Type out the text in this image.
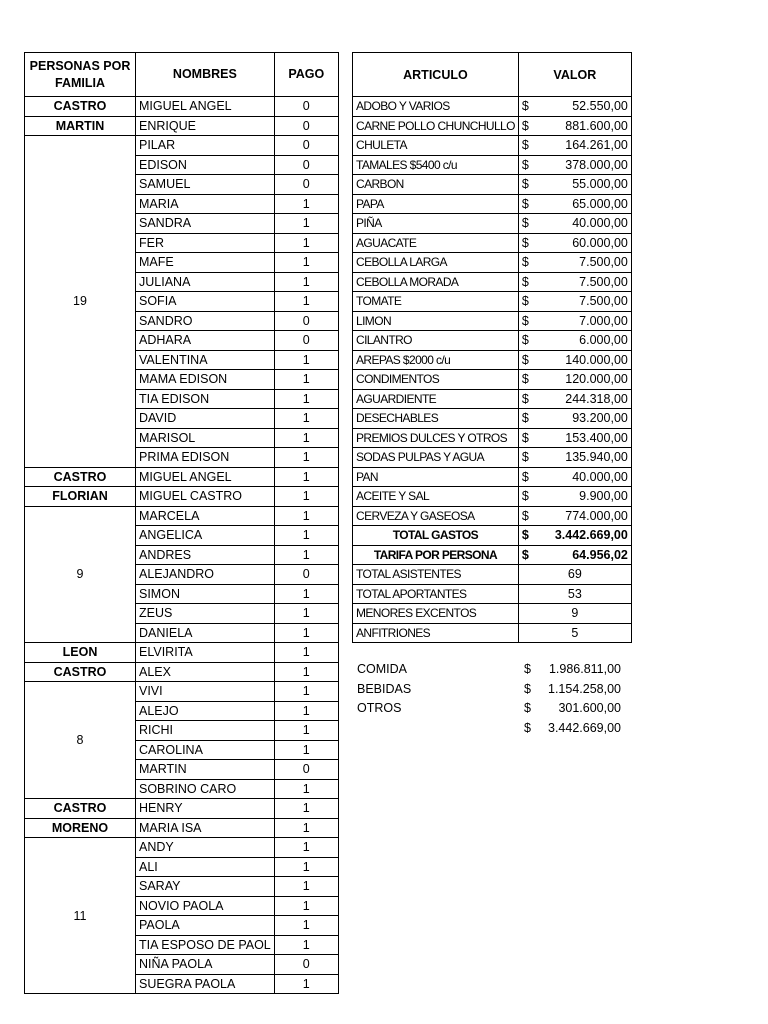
PERSONAS POR FAMILIA	NOMBRES	PAGO
CASTRO	MIGUEL ANGEL	0
MARTIN	ENRIQUE	0
19	PILAR	0
	EDISON	0
	SAMUEL	0
	MARIA	1
	SANDRA	1
	FER	1
	MAFE	1
	JULIANA	1
	SOFIA	1
	SANDRO	0
	ADHARA	0
	VALENTINA	1
	MAMA EDISON	1
	TIA EDISON	1
	DAVID	1
	MARISOL	1
	PRIMA EDISON	1
CASTRO	MIGUEL ANGEL	1
FLORIAN	MIGUEL CASTRO	1
9	MARCELA	1
	ANGELICA	1
	ANDRES	1
	ALEJANDRO	0
	SIMON	1
	ZEUS	1
	DANIELA	1
LEON	ELVIRITA	1
CASTRO	ALEX	1
8	VIVI	1
	ALEJO	1
	RICHI	1
	CAROLINA	1
	MARTIN	0
	SOBRINO CARO	1
CASTRO	HENRY	1
MORENO	MARIA ISA	1
11	ANDY	1
	ALI	1
	SARAY	1
	NOVIO PAOLA	1
	PAOLA	1
	TIA ESPOSO DE PAOL	1
	NIÑA PAOLA	0
	SUEGRA PAOLA	1
ARTICULO	VALOR
ADOBO Y VARIOS	$ 52.550,00

CARNE POLLO CHUNCHULLO	$ 881.600,00

CHULETA	$ 164.261,00

TAMALES $5400 c/u	$ 378.000,00

CARBON	$ 55.000,00

PAPA	$ 65.000,00

PIÑA	$ 40.000,00

AGUACATE	$ 60.000,00

CEBOLLA LARGA	$ 7.500,00

CEBOLLA MORADA	$ 7.500,00

TOMATE	$ 7.500,00

LIMON	$ 7.000,00

CILANTRO	$ 6.000,00

AREPAS $2000 c/u	$ 140.000,00

CONDIMENTOS	$ 120.000,00

AGUARDIENTE	$ 244.318,00

DESECHABLES	$ 93.200,00

PREMIOS DULCES Y OTROS	$ 153.400,00

SODAS PULPAS Y AGUA	$ 135.940,00

PAN	$ 40.000,00

ACEITE Y SAL	$ 9.900,00

CERVEZA Y GASEOSA	$ 774.000,00

TOTAL GASTOS	$ 3.442.669,00

TARIFA POR PERSONA	$ 64.956,02

TOTAL ASISTENTES	69
TOTAL APORTANTES	53
MENORES EXCENTOS	9
ANFITRIONES	5
COMIDA	$ 1.986.811,00
BEBIDAS	$ 1.154.258,00
OTROS	$ 301.600,00
$ 3.442.669,00
